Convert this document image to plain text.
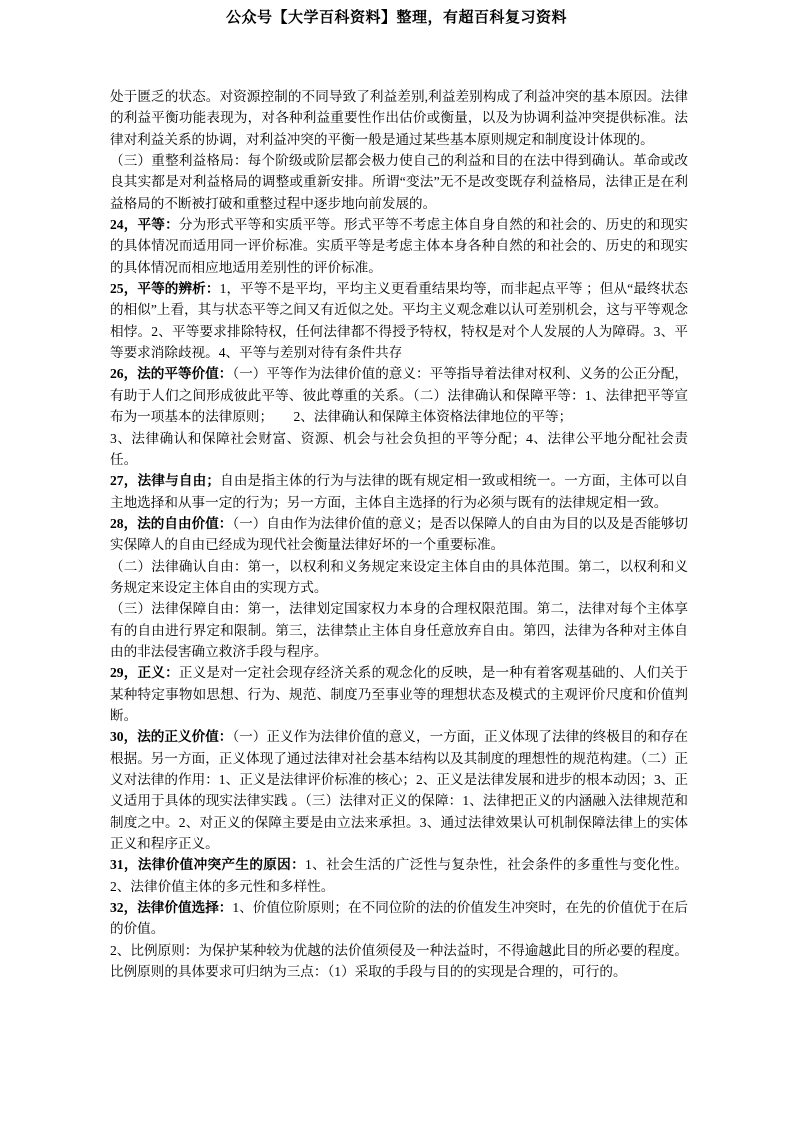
公众号【大学百科资料】整理，有超百科复习资料

处于匮乏的状态。对资源控制的不同导致了利益差别,利益差别构成了利益冲突的基本原因。法律的利益平衡功能表现为，对各种利益重要性作出估价或衡量，以及为协调利益冲突提供标准。法律对利益关系的协调，对利益冲突的平衡一般是通过某些基本原则规定和制度设计体现的。

（三）重整利益格局：每个阶级或阶层都会极力使自己的利益和目的在法中得到确认。革命或改良其实都是对利益格局的调整或重新安排。所谓“变法”无不是改变既存利益格局，法律正是在利益格局的不断被打破和重整过程中逐步地向前发展的。

24，平等：分为形式平等和实质平等。形式平等不考虑主体自身自然的和社会的、历史的和现实的具体情况而适用同一评价标准。实质平等是考虑主体本身各种自然的和社会的、历史的和现实的具体情况而相应地适用差别性的评价标准。

25，平等的辨析：1，平等不是平均，平均主义更看重结果均等，而非起点平等 ；但从“最终状态的相似”上看，其与状态平等之间又有近似之处。平均主义观念难以认可差别机会，这与平等观念相悖。2、平等要求排除特权，任何法律都不得授予特权，特权是对个人发展的人为障碍。3、平等要求消除歧视。4、平等与差别对待有条件共存

26，法的平等价值：（一）平等作为法律价值的意义：平等指导着法律对权利、义务的公正分配，有助于人们之间形成彼此平等、彼此尊重的关系。（二）法律确认和保障平等：1、法律把平等宣布为一项基本的法律原则；　　2、法律确认和保障主体资格法律地位的平等；

3、法律确认和保障社会财富、资源、机会与社会负担的平等分配；4、法律公平地分配社会责任。

27，法律与自由；自由是指主体的行为与法律的既有规定相一致或相统一。一方面，主体可以自主地选择和从事一定的行为；另一方面，主体自主选择的行为必须与既有的法律规定相一致。

28，法的自由价值：（一）自由作为法律价值的意义；是否以保障人的自由为目的以及是否能够切实保障人的自由已经成为现代社会衡量法律好坏的一个重要标准。

（二）法律确认自由：第一，以权利和义务规定来设定主体自由的具体范围。第二，以权利和义务规定来设定主体自由的实现方式。

（三）法律保障自由：第一，法律划定国家权力本身的合理权限范围。第二，法律对每个主体享有的自由进行界定和限制。第三，法律禁止主体自身任意放弃自由。第四，法律为各种对主体自由的非法侵害确立救济手段与程序。

29，正义：正义是对一定社会现存经济关系的观念化的反映，是一种有着客观基础的、人们关于某种特定事物如思想、行为、规范、制度乃至事业等的理想状态及模式的主观评价尺度和价值判断。

30，法的正义价值：（一）正义作为法律价值的意义，一方面，正义体现了法律的终极目的和存在根据。另一方面，正义体现了通过法律对社会基本结构以及其制度的理想性的规范构建。（二）正义对法律的作用：1、正义是法律评价标准的核心；2、正义是法律发展和进步的根本动因；3、正义适用于具体的现实法律实践 。（三）法律对正义的保障：1、法律把正义的内涵融入法律规范和制度之中。2、对正义的保障主要是由立法来承担。3、通过法律效果认可机制保障法律上的实体正义和程序正义。

31，法律价值冲突产生的原因：1、社会生活的广泛性与复杂性，社会条件的多重性与变化性。2、法律价值主体的多元性和多样性。

32，法律价值选择：1、价值位阶原则；在不同位阶的法的价值发生冲突时，在先的价值优于在后的价值。

2、比例原则：为保护某种较为优越的法价值须侵及一种法益时，不得逾越此目的所必要的程度。比例原则的具体要求可归纳为三点：（1）采取的手段与目的的实现是合理的，可行的。
